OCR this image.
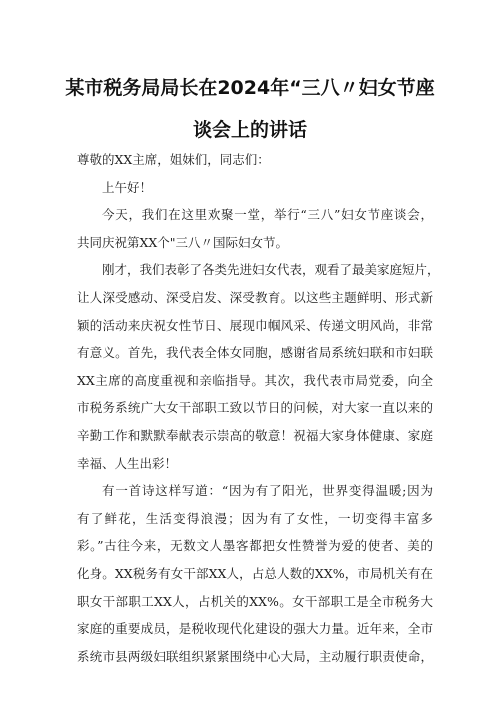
某市税务局局长在2024年“三八〃妇女节座
谈会上的讲话
尊敬的XX主席，姐妹们，同志们：
上午好！
今天，我们在这里欢聚一堂，举行“三八”妇女节座谈会，
共同庆祝第XX个"三八〃国际妇女节。
刚才，我们表彰了各类先进妇女代表，观看了最美家庭短片，
让人深受感动、深受启发、深受教育。以这些主题鲜明、形式新
颖的活动来庆祝女性节日、展现巾帼风采、传递文明风尚，非常
有意义。首先，我代表全体女同胞，感谢省局系统妇联和市妇联
XX主席的高度重视和亲临指导。其次，我代表市局党委，向全
市税务系统广大女干部职工致以节日的问候，对大家一直以来的
辛勤工作和默默奉献表示崇高的敬意！祝福大家身体健康、家庭
幸福、人生出彩！
有一首诗这样写道：“因为有了阳光，世界变得温暖;因为
有了鲜花，生活变得浪漫；因为有了女性，一切变得丰富多
彩。”古往今来，无数文人墨客都把女性赞誉为爱的使者、美的
化身。XX税务有女干部XX人，占总人数的XX%，市局机关有在
职女干部职工XX人，占机关的XX%。女干部职工是全市税务大
家庭的重要成员，是税收现代化建设的强大力量。近年来，全市
系统市县两级妇联组织紧紧围绕中心大局，主动履行职责使命，
